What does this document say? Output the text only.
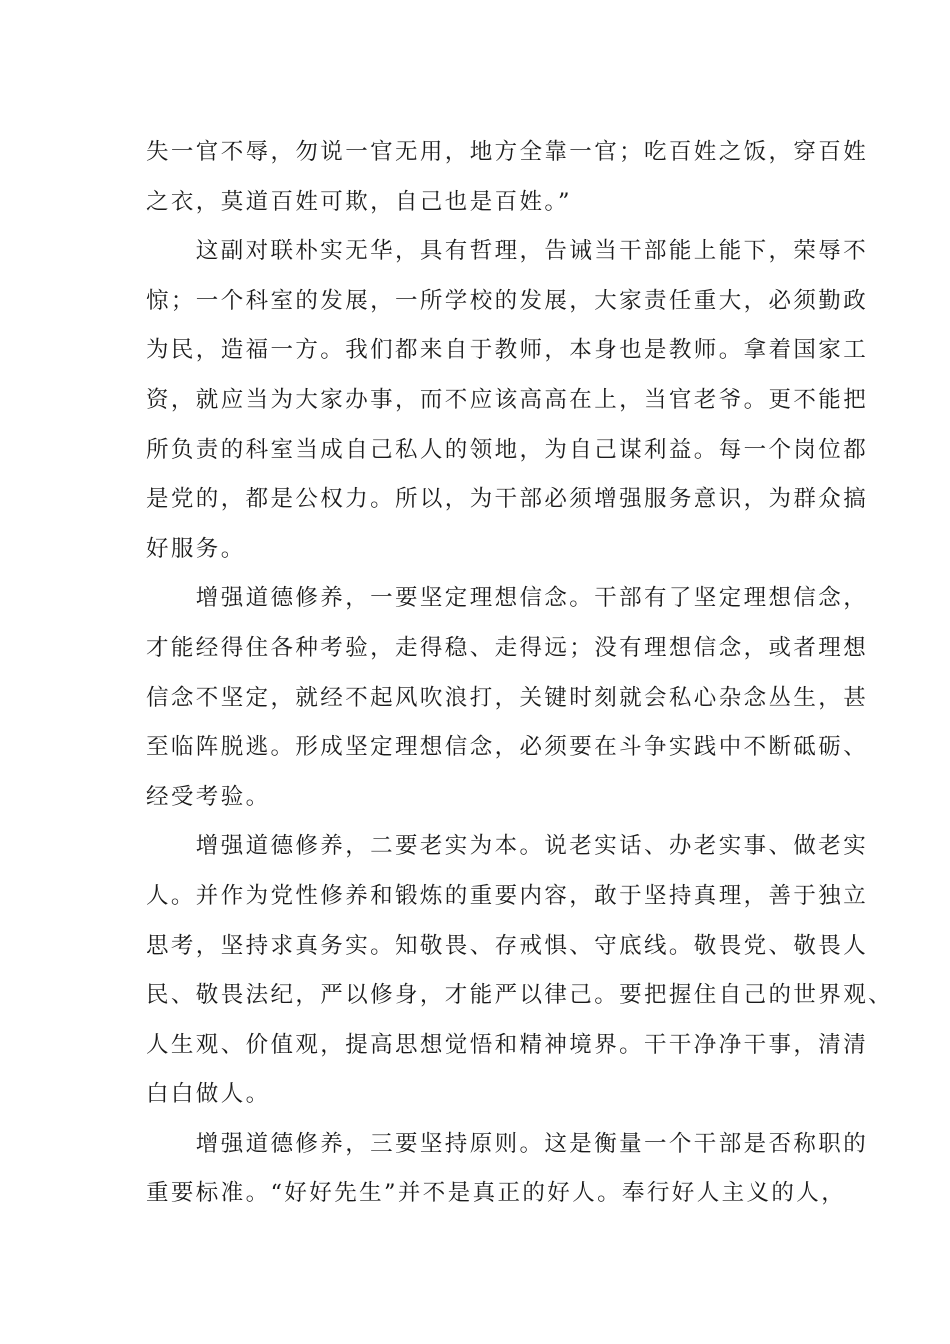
失一官不辱，勿说一官无用，地方全靠一官；吃百姓之饭，穿百姓
之衣，莫道百姓可欺，自己也是百姓。”
　　这副对联朴实无华，具有哲理，告诫当干部能上能下，荣辱不
惊；一个科室的发展，一所学校的发展，大家责任重大，必须勤政
为民，造福一方。我们都来自于教师，本身也是教师。拿着国家工
资，就应当为大家办事，而不应该高高在上，当官老爷。更不能把
所负责的科室当成自己私人的领地，为自己谋利益。每一个岗位都
是党的，都是公权力。所以，为干部必须增强服务意识，为群众搞
好服务。
　　增强道德修养，一要坚定理想信念。干部有了坚定理想信念，
才能经得住各种考验，走得稳、走得远；没有理想信念，或者理想
信念不坚定，就经不起风吹浪打，关键时刻就会私心杂念丛生，甚
至临阵脱逃。形成坚定理想信念，必须要在斗争实践中不断砥砺、
经受考验。
　　增强道德修养，二要老实为本。说老实话、办老实事、做老实
人。并作为党性修养和锻炼的重要内容，敢于坚持真理，善于独立
思考，坚持求真务实。知敬畏、存戒惧、守底线。敬畏党、敬畏人
民、敬畏法纪，严以修身，才能严以律己。要把握住自己的世界观、
人生观、价值观，提高思想觉悟和精神境界。干干净净干事，清清
白白做人。
　　增强道德修养，三要坚持原则。这是衡量一个干部是否称职的
重要标准。“好好先生”并不是真正的好人。奉行好人主义的人，
